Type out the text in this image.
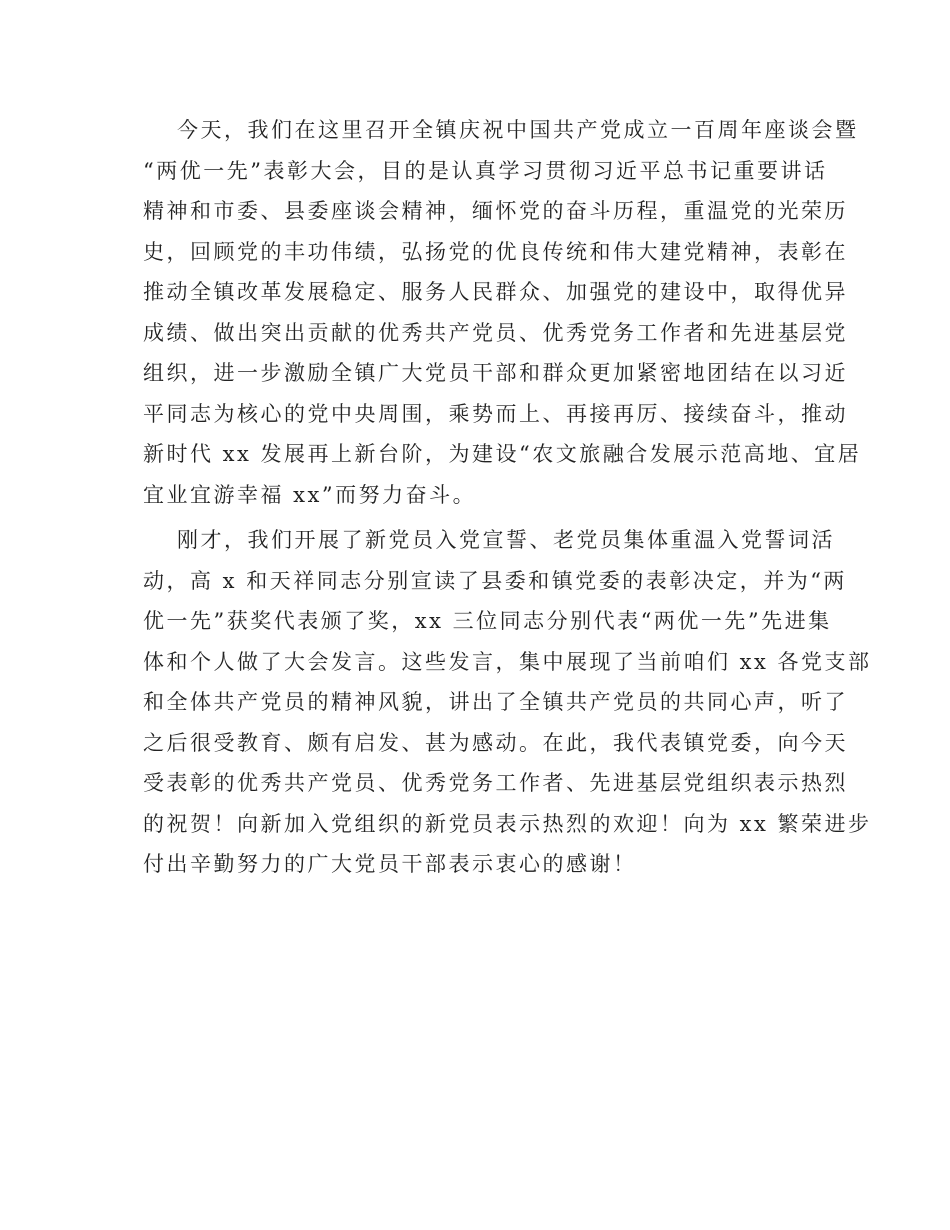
今天，我们在这里召开全镇庆祝中国共产党成立一百周年座谈会暨
“两优一先”表彰大会，目的是认真学习贯彻习近平总书记重要讲话
精神和市委、县委座谈会精神，缅怀党的奋斗历程，重温党的光荣历
史，回顾党的丰功伟绩，弘扬党的优良传统和伟大建党精神，表彰在
推动全镇改革发展稳定、服务人民群众、加强党的建设中，取得优异
成绩、做出突出贡献的优秀共产党员、优秀党务工作者和先进基层党
组织，进一步激励全镇广大党员干部和群众更加紧密地团结在以习近
平同志为核心的党中央周围，乘势而上、再接再厉、接续奋斗，推动
新时代 xx 发展再上新台阶，为建设“农文旅融合发展示范高地、宜居
宜业宜游幸福 xx”而努力奋斗。
刚才，我们开展了新党员入党宣誓、老党员集体重温入党誓词活
动，高 x 和天祥同志分别宣读了县委和镇党委的表彰决定，并为“两
优一先”获奖代表颁了奖，xx 三位同志分别代表“两优一先”先进集
体和个人做了大会发言。这些发言，集中展现了当前咱们 xx 各党支部
和全体共产党员的精神风貌，讲出了全镇共产党员的共同心声，听了
之后很受教育、颇有启发、甚为感动。在此，我代表镇党委，向今天
受表彰的优秀共产党员、优秀党务工作者、先进基层党组织表示热烈
的祝贺！向新加入党组织的新党员表示热烈的欢迎！向为 xx 繁荣进步
付出辛勤努力的广大党员干部表示衷心的感谢！
